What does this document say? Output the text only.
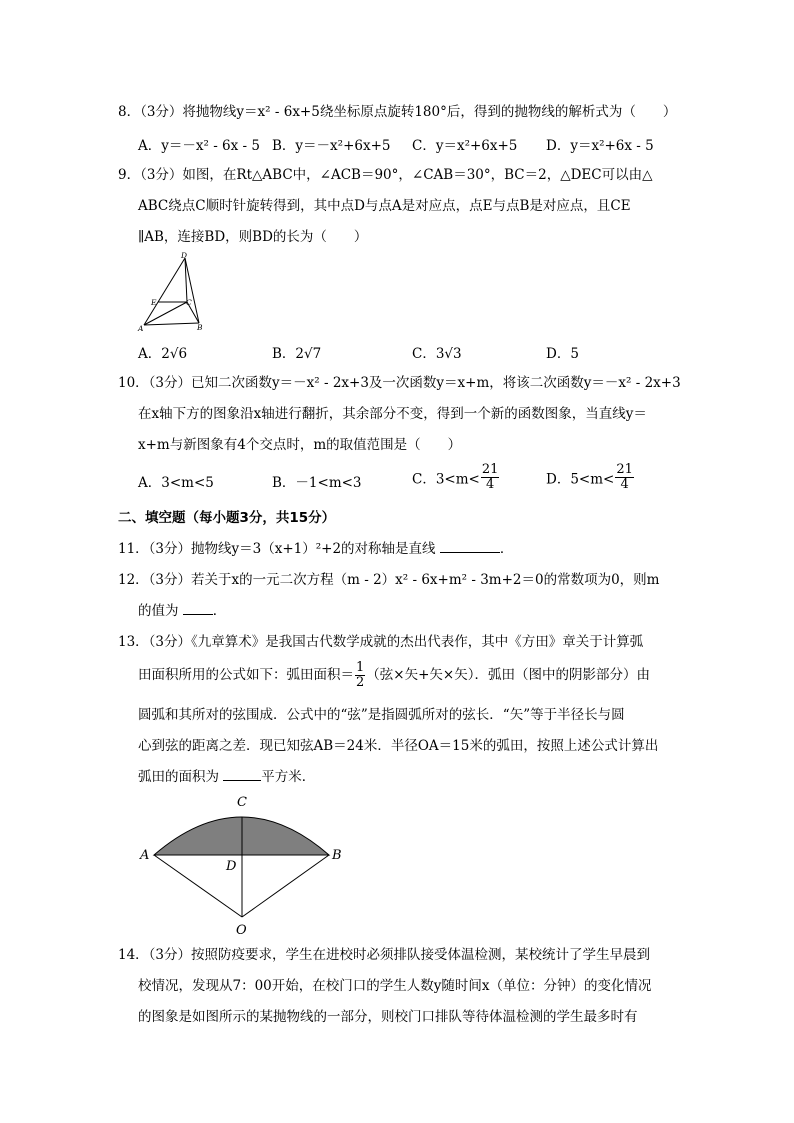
8．（3分）将抛物线y＝x² - 6x+5绕坐标原点旋转180°后，得到的抛物线的解析式为（　　）
A．y＝－x² - 6x - 5 B．y＝－x²+6x+5 C．y＝x²+6x+5 D．y＝x²+6x - 5
9．（3分）如图，在Rt△ABC中，∠ACB＝90°，∠CAB＝30°，BC＝2，△DEC可以由△
ABC绕点C顺时针旋转得到，其中点D与点A是对应点，点E与点B是对应点，且CE
∥AB，连接BD，则BD的长为（　　）
D
E	C
A	B
A．2√6	B．2√7	C．3√3	D．5
10．（3分）已知二次函数y＝－x² - 2x+3及一次函数y＝x+m，将该二次函数y＝－x² - 2x+3
在x轴下方的图象沿x轴进行翻折，其余部分不变，得到一个新的函数图象，当直线y＝
x+m与新图象有4个交点时，m的取值范围是（　　）
A．3<m<5	B．－1<m<3	C．$3<m< \frac{21}{4}$	D．$5<m< \frac{21}{4}$
二、填空题（每小题3分，共15分）
11．（3分）抛物线y＝3（x+1）²+2的对称轴是直线	．
12．（3分）若关于x的一元二次方程（m - 2）x² - 6x+m² - 3m+2＝0的常数项为0，则m
的值为	．
13．（3分）《九章算术》是我国古代数学成就的杰出代表作，其中《方田》章关于计算弧
田面积所用的公式如下：弧田面积＝ $\frac{1}{2}$ （弦×矢+矢×矢）．弧田（图中的阴影部分）由
圆弧和其所对的弦围成．公式中的“弦”是指圆弧所对的弦长．“矢”等于半径长与圆
心到弦的距离之差．现已知弦AB＝24米．半径OA＝15米的弧田，按照上述公式计算出
弧田的面积为	平方米．
C
A	B
D
O
14．（3分）按照防疫要求，学生在进校时必须排队接受体温检测，某校统计了学生早晨到
校情况，发现从7：00开始，在校门口的学生人数y随时间x（单位：分钟）的变化情况
的图象是如图所示的某抛物线的一部分，则校门口排队等待体温检测的学生最多时有
